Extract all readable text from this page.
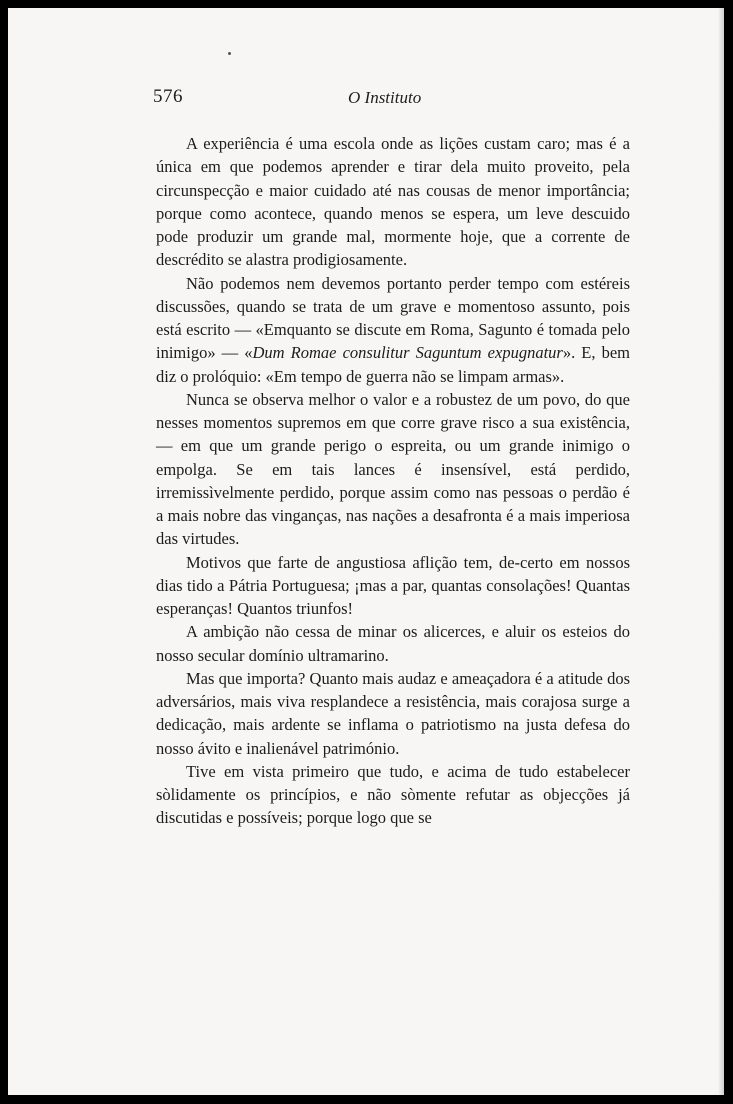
576	O Instituto

A experiência é uma escola onde as lições custam caro; mas é a única em que podemos aprender e tirar dela muito proveito, pela circunspecção e maior cuidado até nas cousas de menor importância; porque como acontece, quando menos se espera, um leve descuido pode produzir um grande mal, mormente hoje, que a corrente de descrédito se alastra prodigiosamente.

Não podemos nem devemos portanto perder tempo com estéreis discussões, quando se trata de um grave e momentoso assunto, pois está escrito — «Emquanto se discute em Roma, Sagunto é tomada pelo inimigo» — «Dum Romae consulitur Saguntum expugnatur». E, bem diz o prolóquio: «Em tempo de guerra não se limpam armas».

Nunca se observa melhor o valor e a robustez de um povo, do que nesses momentos supremos em que corre grave risco a sua existência, — em que um grande perigo o espreita, ou um grande inimigo o empolga. Se em tais lances é insensível, está perdido, irremissìvelmente perdido, porque assim como nas pessoas o perdão é a mais nobre das vinganças, nas nações a desafronta é a mais imperiosa das virtudes.

Motivos que farte de angustiosa aflição tem, de-certo em nossos dias tido a Pátria Portuguesa; ¡mas a par, quantas consolações! Quantas esperanças! Quantos triunfos!

A ambição não cessa de minar os alicerces, e aluir os esteios do nosso secular domínio ultramarino.

Mas que importa? Quanto mais audaz e ameaçadora é a atitude dos adversários, mais viva resplandece a resistência, mais corajosa surge a dedicação, mais ardente se inflama o patriotismo na justa defesa do nosso ávito e inalienável património.

Tive em vista primeiro que tudo, e acima de tudo estabelecer sòlidamente os princípios, e não sòmente refutar as objecções já discutidas e possíveis; porque logo que se
